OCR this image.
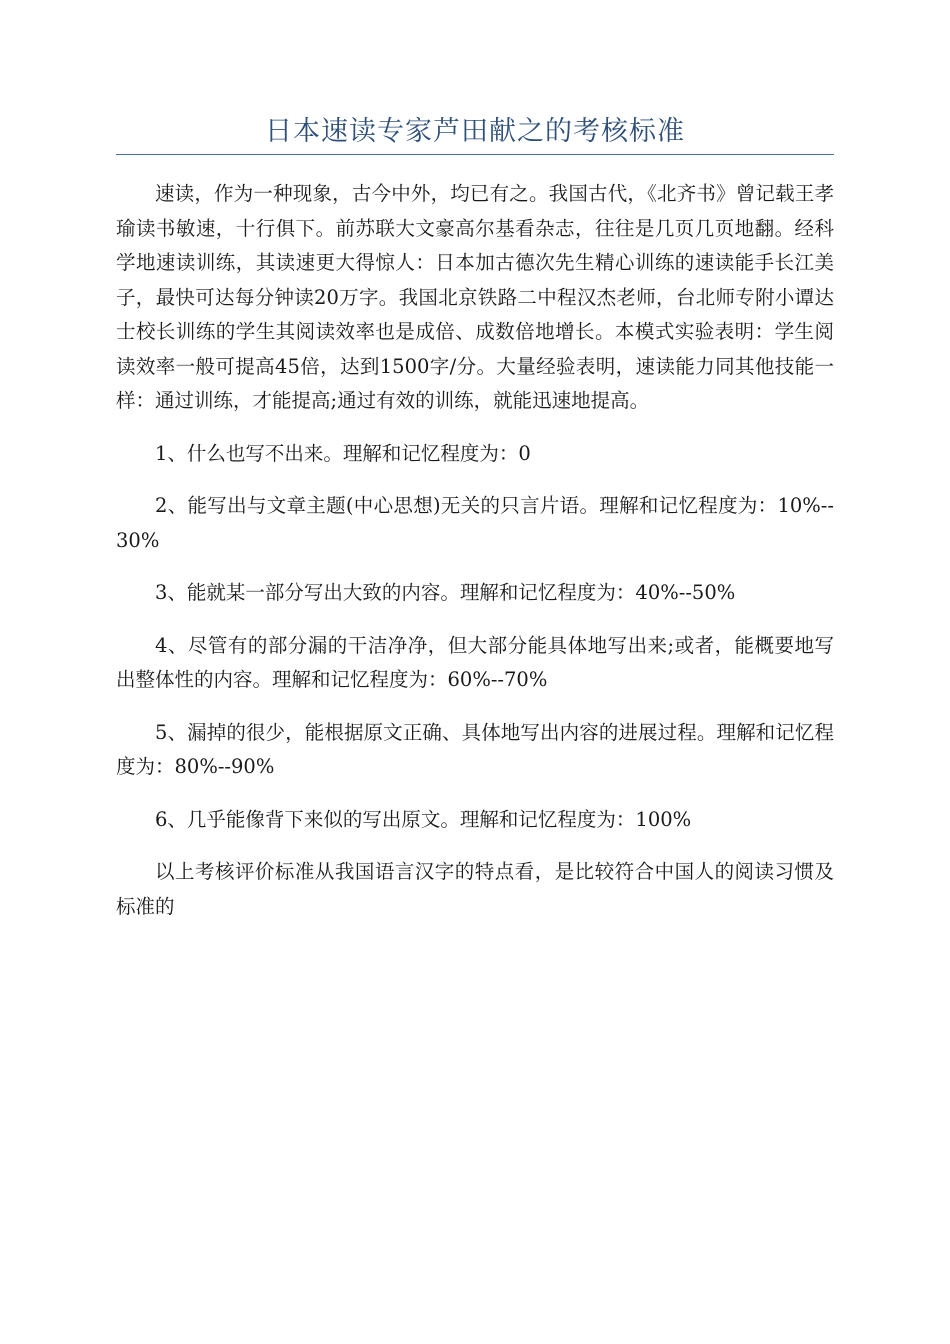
日本速读专家芦田献之的考核标准

速读，作为一种现象，古今中外，均已有之。我国古代，《北齐书》曾记载王孝瑜读书敏速，十行俱下。前苏联大文豪高尔基看杂志，往往是几页几页地翻。经科学地速读训练，其读速更大得惊人：日本加古德次先生精心训练的速读能手长江美子，最快可达每分钟读20万字。我国北京铁路二中程汉杰老师，台北师专附小谭达士校长训练的学生其阅读效率也是成倍、成数倍地增长。本模式实验表明：学生阅读效率一般可提高45倍，达到1500字/分。大量经验表明，速读能力同其他技能一样：通过训练，才能提高;通过有效的训练，就能迅速地提高。

1、什么也写不出来。理解和记忆程度为：0

2、能写出与文章主题(中心思想)无关的只言片语。理解和记忆程度为：10%--30%

3、能就某一部分写出大致的内容。理解和记忆程度为：40%--50%

4、尽管有的部分漏的干洁净净，但大部分能具体地写出来;或者，能概要地写出整体性的内容。理解和记忆程度为：60%--70%

5、漏掉的很少，能根据原文正确、具体地写出内容的进展过程。理解和记忆程度为：80%--90%

6、几乎能像背下来似的写出原文。理解和记忆程度为：100%

以上考核评价标准从我国语言汉字的特点看，是比较符合中国人的阅读习惯及标准的
